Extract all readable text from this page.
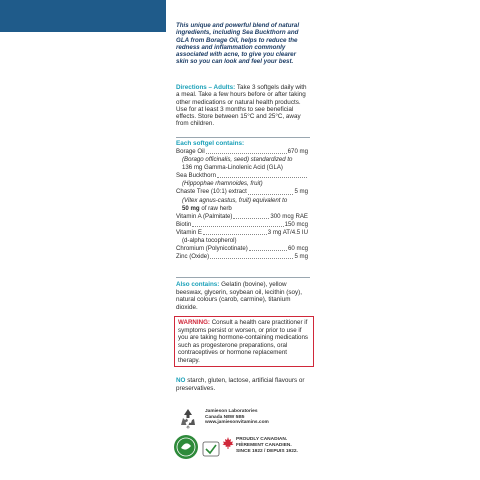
This unique and powerful blend of natural ingredients, including Sea Buckthorn and GLA from Borage Oil, helps to reduce the redness and inflammation commonly associated with acne, to give you clearer skin so you can look and feel your best.
Directions – Adults: Take 3 softgels daily with a meal. Take a few hours before or after taking other medications or natural health products. Use for at least 3 months to see beneficial effects. Store between 15°C and 25°C, away from children.
Each softgel contains:
Borage Oil	670 mg
(Borago officinalis, seed) standardized to
136 mg Gamma-Linolenic Acid (GLA)
Sea Buckthorn
(Hippophae rhamnoides, fruit)
Chaste Tree (10:1) extract	5 mg
(Vitex agnus-castus, fruit) equivalent to
50 mg of raw herb
Vitamin A (Palmitate)	300 mcg RAE
Biotin	150 mcg
Vitamin E	3 mg AT/4.5 IU
(d-alpha tocopherol)
Chromium (Polynicotinate)	60 mcg
Zinc (Oxide)	5 mg
Also contains: Gelatin (bovine), yellow beeswax, glycerin, soybean oil, lecithin (soy), natural colours (carob, carmine), titanium dioxide.
WARNING: Consult a health care practitioner if symptoms persist or worsen, or prior to use if you are taking hormone-containing medications such as progesterone preparations, oral contraceptives or hormone replacement therapy.
NO starch, gluten, lactose, artificial flavours or preservatives.
♻
Jamieson Laboratories
Canada N8W 5B5
www.jamiesonvitamins.com
PROUDLY CANADIAN.
FIÈREMENT CANADIEN.
SINCE 1922 / DEPUIS 1922.
